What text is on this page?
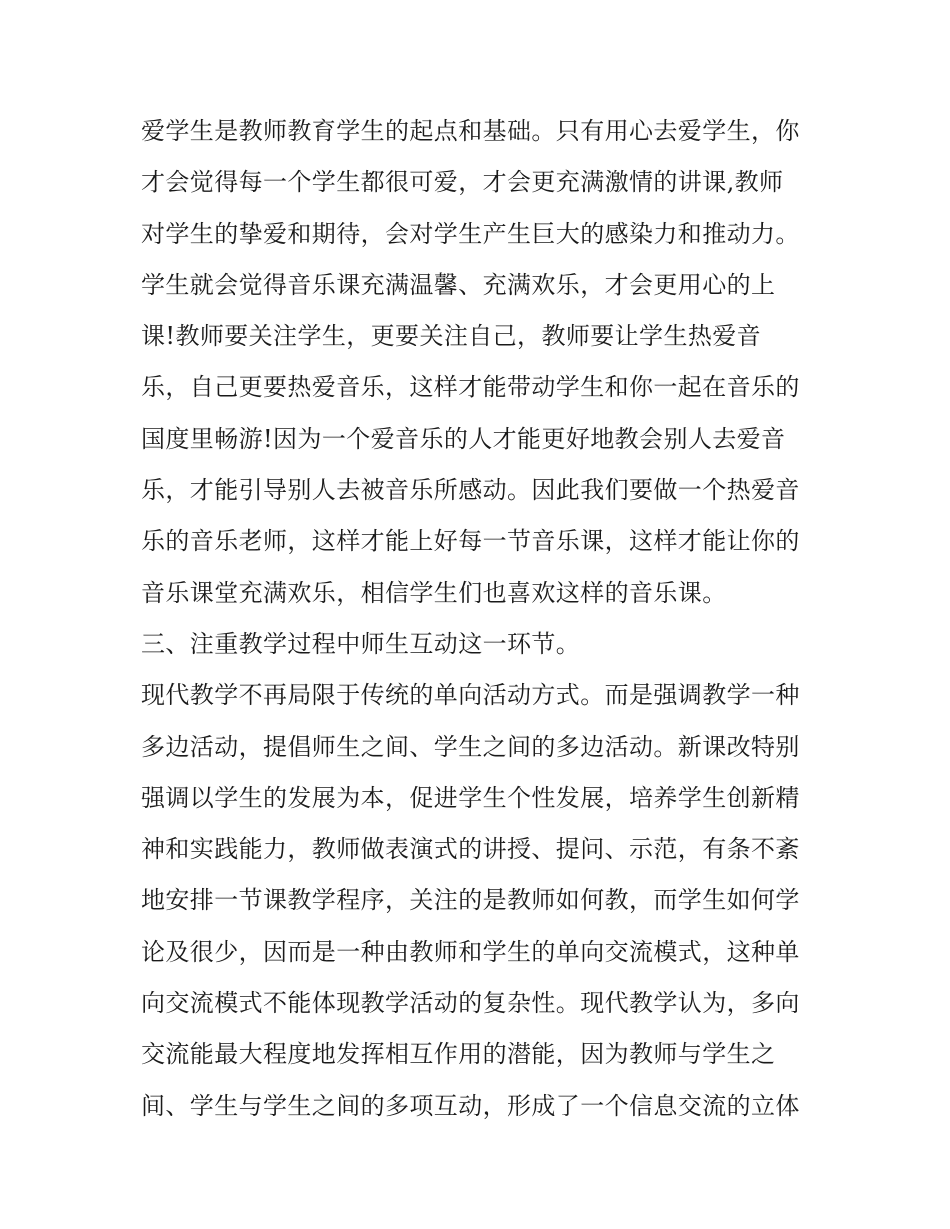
爱学生是教师教育学生的起点和基础。只有用心去爱学生，你
才会觉得每一个学生都很可爱，才会更充满激情的讲课,教师
对学生的挚爱和期待，会对学生产生巨大的感染力和推动力。
学生就会觉得音乐课充满温馨、充满欢乐，才会更用心的上
课!教师要关注学生，更要关注自己，教师要让学生热爱音
乐，自己更要热爱音乐，这样才能带动学生和你一起在音乐的
国度里畅游!因为一个爱音乐的人才能更好地教会别人去爱音
乐，才能引导别人去被音乐所感动。因此我们要做一个热爱音
乐的音乐老师，这样才能上好每一节音乐课，这样才能让你的
音乐课堂充满欢乐，相信学生们也喜欢这样的音乐课。
三、注重教学过程中师生互动这一环节。
现代教学不再局限于传统的单向活动方式。而是强调教学一种
多边活动，提倡师生之间、学生之间的多边活动。新课改特别
强调以学生的发展为本，促进学生个性发展，培养学生创新精
神和实践能力，教师做表演式的讲授、提问、示范，有条不紊
地安排一节课教学程序，关注的是教师如何教，而学生如何学
论及很少，因而是一种由教师和学生的单向交流模式，这种单
向交流模式不能体现教学活动的复杂性。现代教学认为，多向
交流能最大程度地发挥相互作用的潜能，因为教师与学生之
间、学生与学生之间的多项互动，形成了一个信息交流的立体
